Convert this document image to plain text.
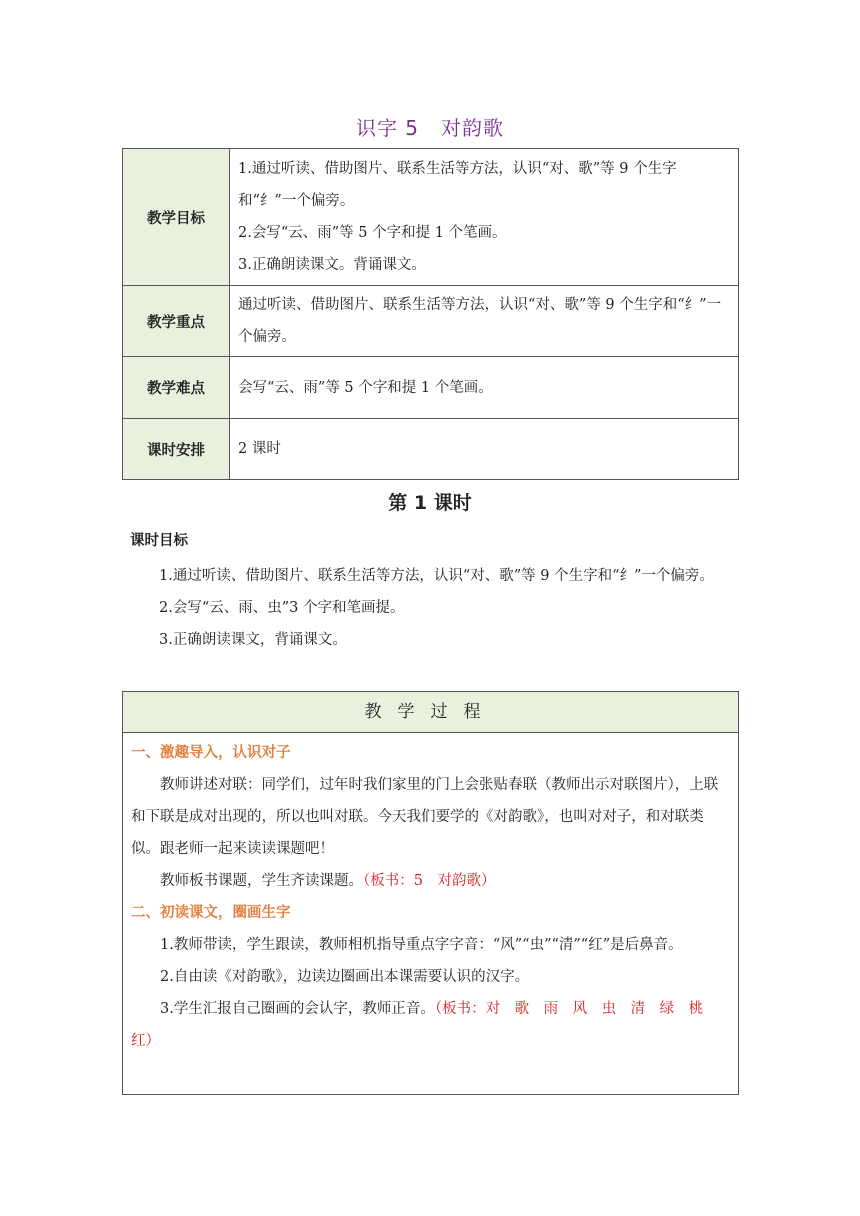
识字 5 对韵歌
教学目标	1.通过听读、借助图片、联系生活等方法，认识“对、歌”等 9 个生字和“纟”一个偏旁。
2.会写“云、雨”等 5 个字和提 1 个笔画。
3.正确朗读课文。背诵课文。

教学重点	通过听读、借助图片、联系生活等方法，认识“对、歌”等 9 个生字和“纟”一个偏旁。

教学难点	会写“云、雨”等 5 个字和提 1 个笔画。

课时安排	2 课时
第 1 课时
课时目标

1.通过听读、借助图片、联系生活等方法，认识“对、歌”等 9 个生字和“纟”一个偏旁。

2.会写“云、雨、虫”3 个字和笔画提。

3.正确朗读课文，背诵课文。

教学过程
一、激趣导入，认识对子

教师讲述对联：同学们，过年时我们家里的门上会张贴春联（教师出示对联图片），上联和下联是成对出现的，所以也叫对联。今天我们要学的《对韵歌》，也叫对对子，和对联类似。跟老师一起来读读课题吧！

教师板书课题，学生齐读课题。（板书：5　对韵歌）

二、初读课文，圈画生字

1.教师带读，学生跟读，教师相机指导重点字字音：“风”“虫”“清”“红”是后鼻音。

2.自由读《对韵歌》，边读边圈画出本课需要认识的汉字。

3.学生汇报自己圈画的会认字，教师正音。（板书：对　歌　雨　风　虫　清　绿　桃　红）
